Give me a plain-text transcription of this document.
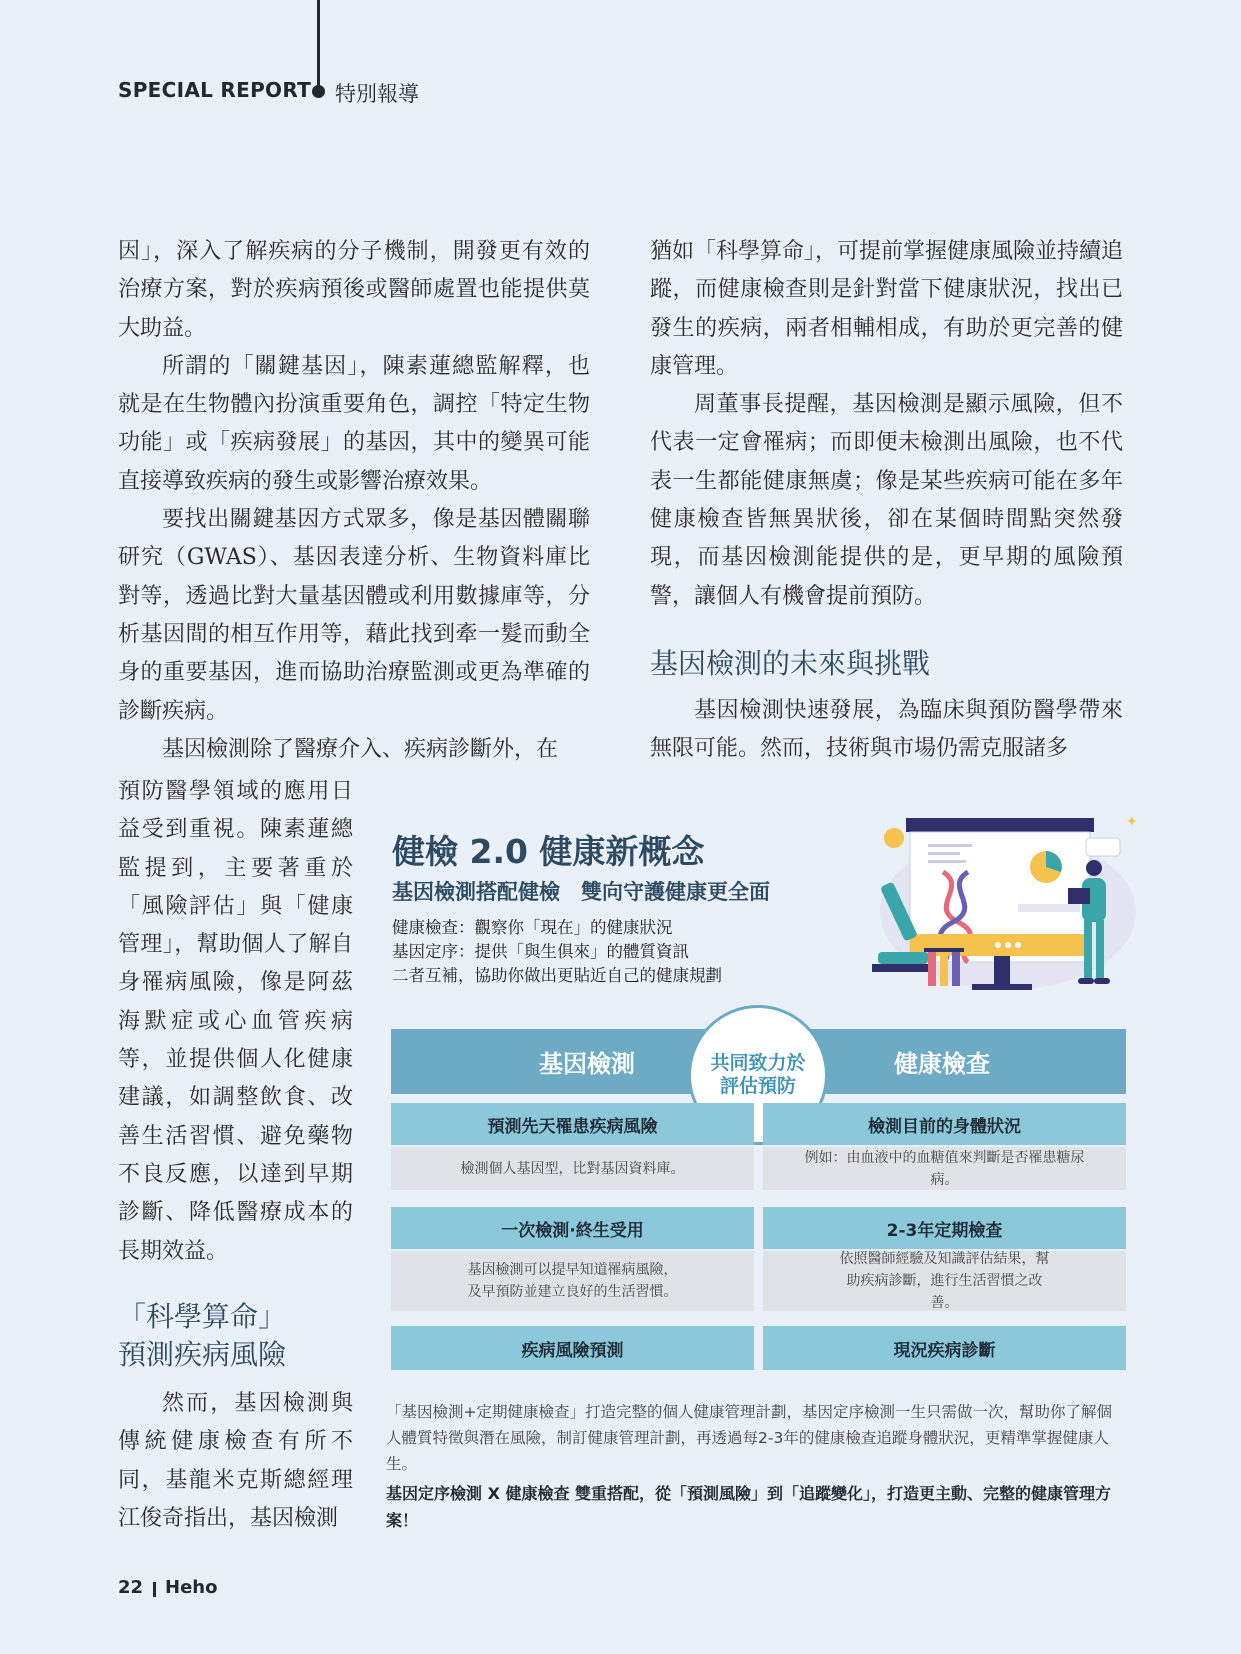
SPECIAL REPORT 特別報導

因」，深入了解疾病的分子機制，開發更有效的治療方案，對於疾病預後或醫師處置也能提供莫大助益。

所謂的「關鍵基因」，陳素蓮總監解釋，也就是在生物體內扮演重要角色，調控「特定生物功能」或「疾病發展」的基因，其中的變異可能直接導致疾病的發生或影響治療效果。

要找出關鍵基因方式眾多，像是基因體關聯研究（GWAS）、基因表達分析、生物資料庫比對等，透過比對大量基因體或利用數據庫等，分析基因間的相互作用等，藉此找到牽一髮而動全身的重要基因，進而協助治療監測或更為準確的診斷疾病。

基因檢測除了醫療介入、疾病診斷外，在

預防醫學領域的應用日益受到重視。陳素蓮總監提到，主要著重於「風險評估」與「健康管理」，幫助個人了解自身罹病風險，像是阿茲海默症或心血管疾病等，並提供個人化健康建議，如調整飲食、改善生活習慣、避免藥物不良反應，以達到早期診斷、降低醫療成本的長期效益。

「科學算命」
預測疾病風險

然而，基因檢測與傳統健康檢查有所不同，基龍米克斯總經理江俊奇指出，基因檢測

猶如「科學算命」，可提前掌握健康風險並持續追蹤，而健康檢查則是針對當下健康狀況，找出已發生的疾病，兩者相輔相成，有助於更完善的健康管理。

周董事長提醒，基因檢測是顯示風險，但不代表一定會罹病；而即便未檢測出風險，也不代表一生都能健康無虞；像是某些疾病可能在多年健康檢查皆無異狀後，卻在某個時間點突然發現，而基因檢測能提供的是，更早期的風險預警，讓個人有機會提前預防。

基因檢測的未來與挑戰

基因檢測快速發展，為臨床與預防醫學帶來無限可能。然而，技術與市場仍需克服諸多

健檢 2.0 健康新概念
基因檢測搭配健檢　雙向守護健康更全面
健康檢查：觀察你「現在」的健康狀況
基因定序：提供「與生俱來」的體質資訊
二者互補，協助你做出更貼近自己的健康規劃
✦
基因檢測	健康檢查
共同致力於評估預防
預測先天罹患疾病風險
檢測個人基因型，比對基因資料庫。
檢測目前的身體狀況
例如：由血液中的血糖值來判斷是否罹患糖尿病。
一次檢測·終生受用
基因檢測可以提早知道罹病風險，及早預防並建立良好的生活習慣。
2-3年定期檢查
依照醫師經驗及知識評估結果，幫助疾病診斷，進行生活習慣之改善。
疾病風險預測	現況疾病診斷
「基因檢測+定期健康檢查」打造完整的個人健康管理計劃，基因定序檢測一生只需做一次，幫助你了解個人體質特徵與潛在風險，制訂健康管理計劃，再透過每2-3年的健康檢查追蹤身體狀況，更精準掌握健康人生。
基因定序檢測 X 健康檢查 雙重搭配，從「預測風險」到「追蹤變化」，打造更主動、完整的健康管理方案！
22 Heho
